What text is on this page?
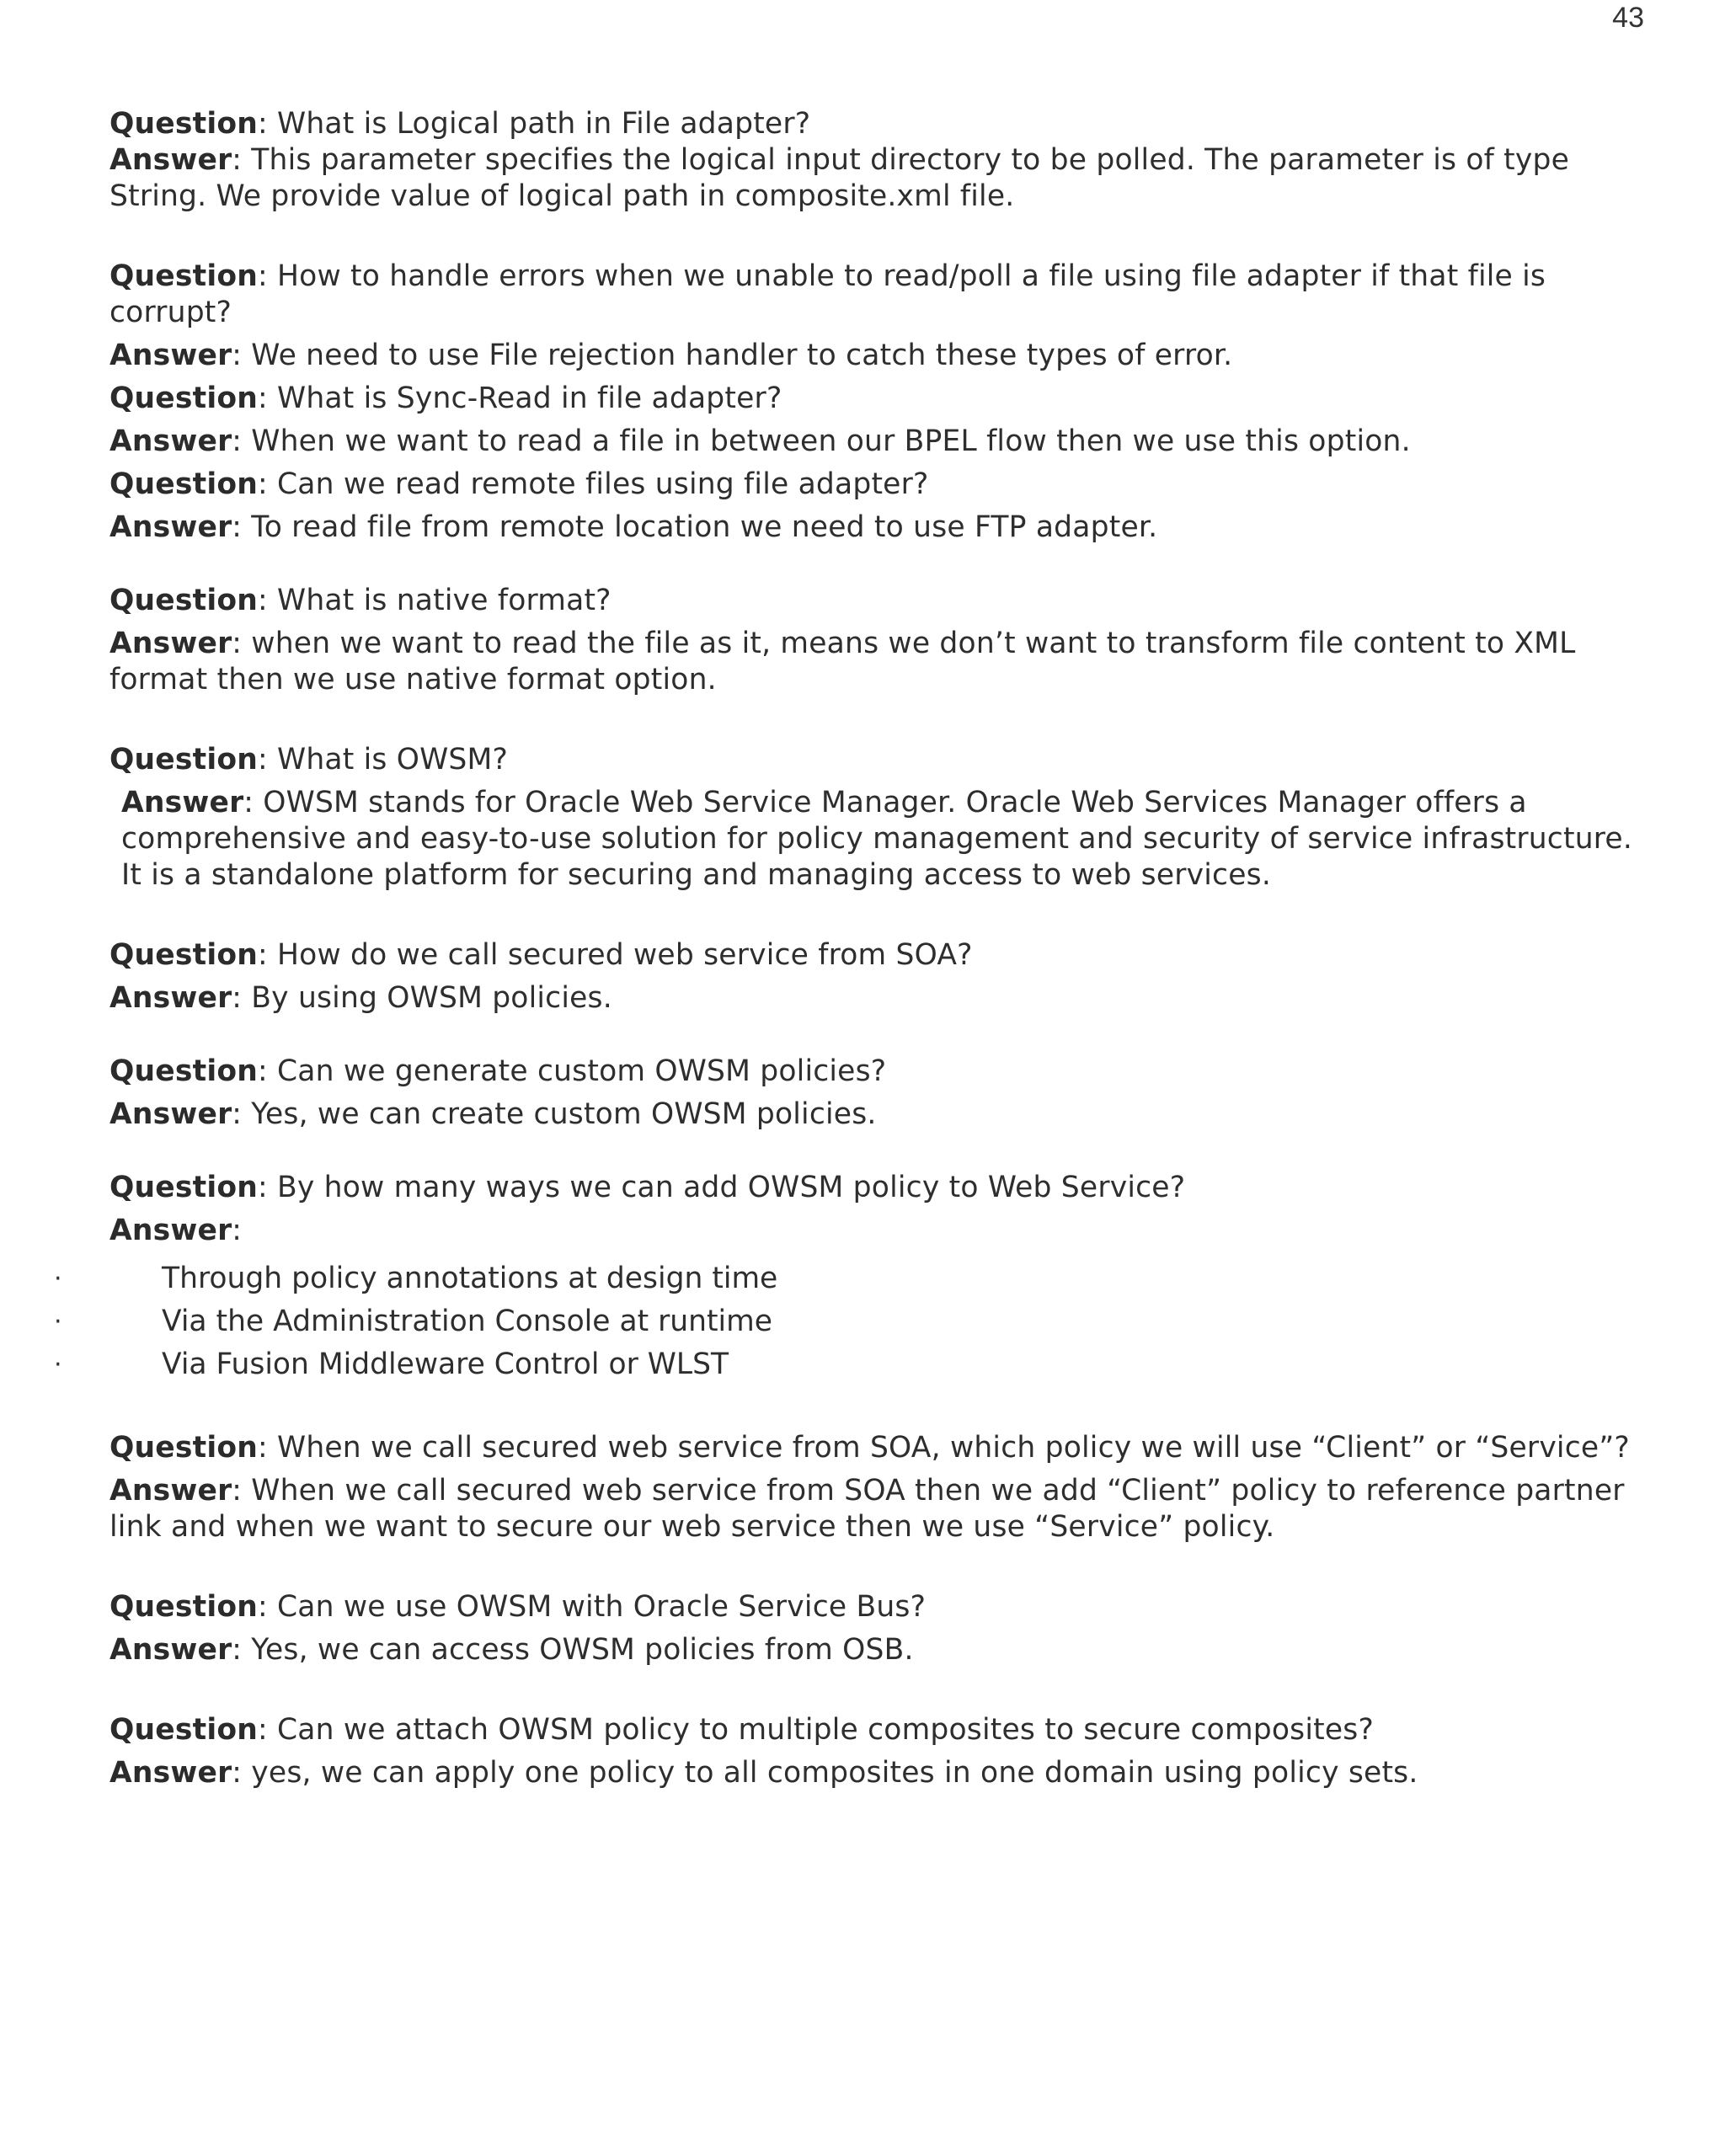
43

Question: What is Logical path in File adapter?

Answer: This parameter specifies the logical input directory to be polled. The parameter is of type String. We provide value of logical path in composite.xml file.

Question: How to handle errors when we unable to read/poll a file using file adapter if that file is corrupt?

Answer: We need to use File rejection handler to catch these types of error.

Question: What is Sync-Read in file adapter?

Answer: When we want to read a file in between our BPEL flow then we use this option.

Question: Can we read remote files using file adapter?

Answer: To read file from remote location we need to use FTP adapter.

Question: What is native format?

Answer: when we want to read the file as it, means we don’t want to transform file content to XML format then we use native format option.

Question: What is OWSM?

Answer: OWSM stands for Oracle Web Service Manager. Oracle Web Services Manager offers a comprehensive and easy-to-use solution for policy management and security of service infrastructure. It is a standalone platform for securing and managing access to web services.

Question: How do we call secured web service from SOA?

Answer: By using OWSM policies.

Question: Can we generate custom OWSM policies?

Answer: Yes, we can create custom OWSM policies.

Question: By how many ways we can add OWSM policy to Web Service?

Answer:

·	Through policy annotations at design time
·	Via the Administration Console at runtime
·	Via Fusion Middleware Control or WLST

Question: When we call secured web service from SOA, which policy we will use “Client” or “Service”?

Answer: When we call secured web service from SOA then we add “Client” policy to reference partner link and when we want to secure our web service then we use “Service” policy.

Question: Can we use OWSM with Oracle Service Bus?

Answer: Yes, we can access OWSM policies from OSB.

Question: Can we attach OWSM policy to multiple composites to secure composites?

Answer: yes, we can apply one policy to all composites in one domain using policy sets.
